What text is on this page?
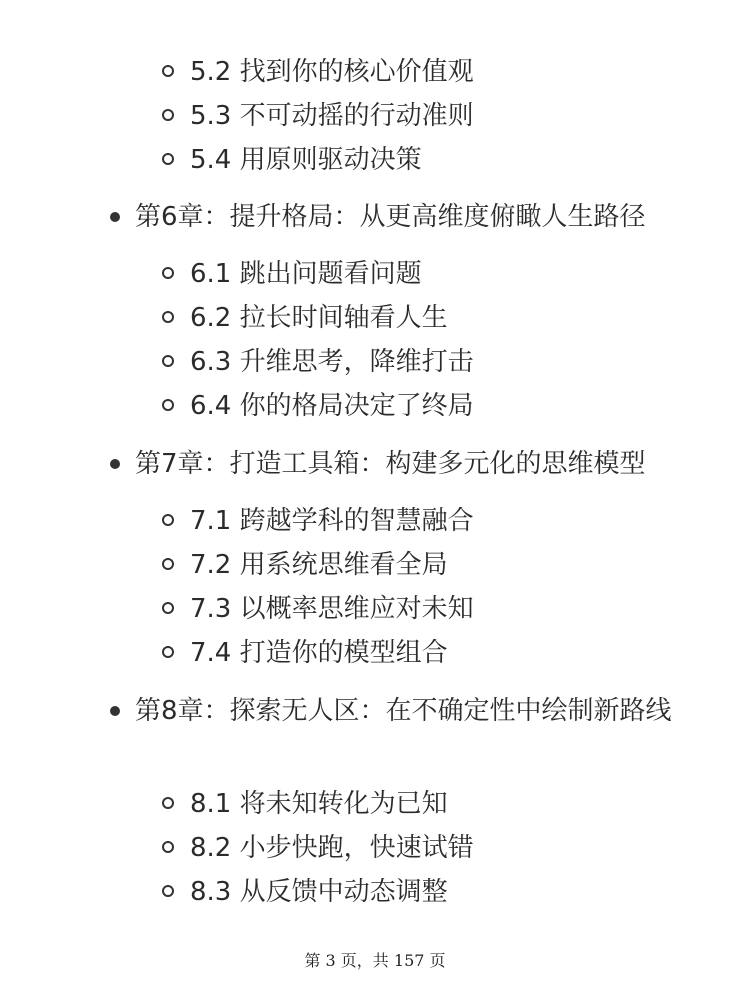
5.2 找到你的核心价值观
5.3 不可动摇的行动准则
5.4 用原则驱动决策
第6章：提升格局：从更高维度俯瞰人生路径
6.1 跳出问题看问题
6.2 拉长时间轴看人生
6.3 升维思考，降维打击
6.4 你的格局决定了终局
第7章：打造工具箱：构建多元化的思维模型
7.1 跨越学科的智慧融合
7.2 用系统思维看全局
7.3 以概率思维应对未知
7.4 打造你的模型组合
第8章：探索无人区：在不确定性中绘制新路线
8.1 将未知转化为已知
8.2 小步快跑，快速试错
8.3 从反馈中动态调整
第 3 页，共 157 页
